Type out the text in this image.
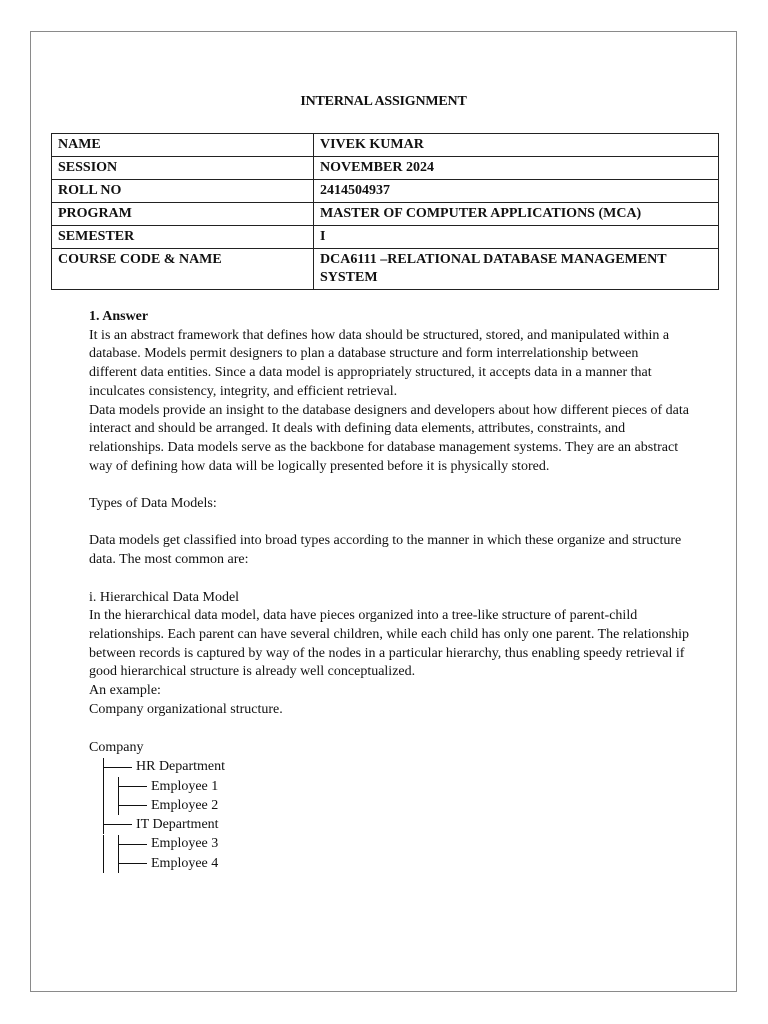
INTERNAL ASSIGNMENT
NAME	VIVEK KUMAR
SESSION	NOVEMBER 2024
ROLL NO	2414504937
PROGRAM	MASTER OF COMPUTER APPLICATIONS (MCA)
SEMESTER	I
COURSE CODE & NAME	DCA6111 –RELATIONAL DATABASE MANAGEMENT SYSTEM

1. Answer

It is an abstract framework that defines how data should be structured, stored, and manipulated within a database. Models permit designers to plan a database structure and form interrelationship between different data entities. Since a data model is appropriately structured, it accepts data in a manner that inculcates consistency, integrity, and efficient retrieval.

Data models provide an insight to the database designers and developers about how different pieces of data interact and should be arranged. It deals with defining data elements, attributes, constraints, and relationships. Data models serve as the backbone for database management systems. They are an abstract way of defining how data will be logically presented before it is physically stored.

Types of Data Models:

Data models get classified into broad types according to the manner in which these organize and structure data. The most common are:

i. Hierarchical Data Model

In the hierarchical data model, data have pieces organized into a tree-like structure of parent-child relationships. Each parent can have several children, while each child has only one parent. The relationship between records is captured by way of the nodes in a particular hierarchy, thus enabling speedy retrieval if good hierarchical structure is already well conceptualized.

An example:

Company organizational structure.

Company
HR Department
Employee 1
Employee 2
IT Department
Employee 3
Employee 4
